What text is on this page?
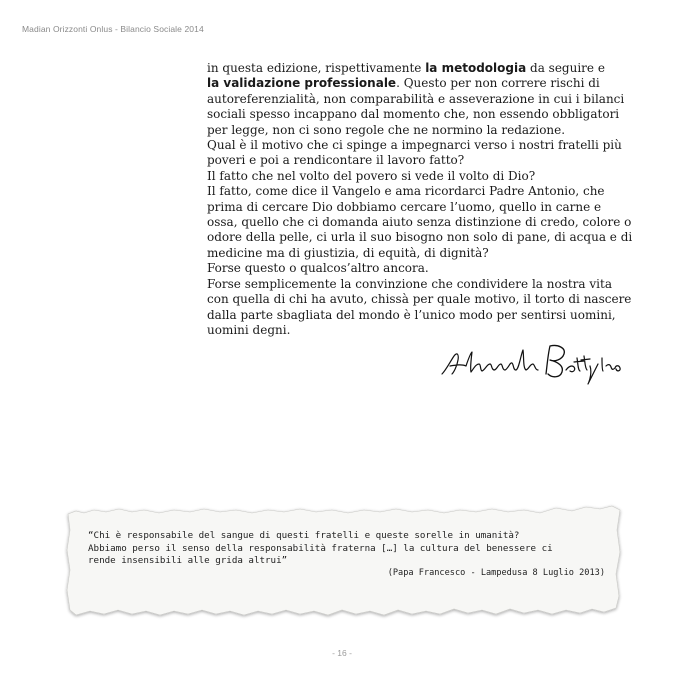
Madian Orizzonti Onlus - Bilancio Sociale 2014
in questa edizione, rispettivamente la metodologia da seguire e
la validazione professionale. Questo per non correre rischi di
autoreferenzialità, non comparabilità e asseverazione in cui i bilanci
sociali spesso incappano dal momento che, non essendo obbligatori
per legge, non ci sono regole che ne normino la redazione.
Qual è il motivo che ci spinge a impegnarci verso i nostri fratelli più
poveri e poi a rendicontare il lavoro fatto?
Il fatto che nel volto del povero si vede il volto di Dio?
Il fatto, come dice il Vangelo e ama ricordarci Padre Antonio, che
prima di cercare Dio dobbiamo cercare l’uomo, quello in carne e
ossa, quello che ci domanda aiuto senza distinzione di credo, colore o
odore della pelle, ci urla il suo bisogno non solo di pane, di acqua e di
medicine ma di giustizia, di equità, di dignità?
Forse questo o qualcos’altro ancora.
Forse semplicemente la convinzione che condividere la nostra vita
con quella di chi ha avuto, chissà per quale motivo, il torto di nascere
dalla parte sbagliata del mondo è l’unico modo per sentirsi uomini,
uomini degni.
“Chi è responsabile del sangue di questi fratelli e queste sorelle in umanità?
Abbiamo perso il senso della responsabilità fraterna […] la cultura del benessere ci
rende insensibili alle grida altrui”
(Papa Francesco - Lampedusa 8 Luglio 2013)
- 16 -
